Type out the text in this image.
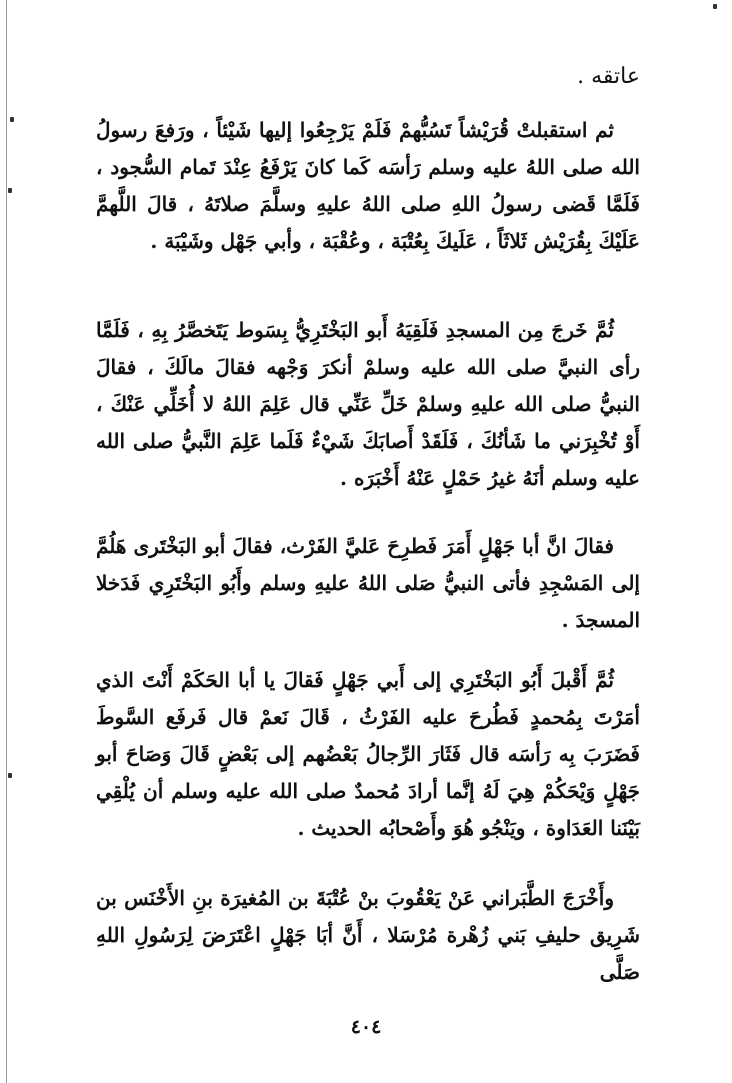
عاتقه .

ثم استقبلتْ قُرَيْشاً تَسُبُّهمْ فَلَمْ يَرْجِعُوا إليها شَيْئاً ، ورَفعَ رسولُ الله صلى اللهُ عليه وسلم رَأسَه كَما كانَ يَرْفَعُ عِنْدَ تَمام السُّجود ، فَلَمَّا قَضى رسولُ اللهِ صلى اللهُ عليهِ وسلَّمَ صلاتَهُ ، قالَ اللَّهمَّ عَلَيْكَ بِقُرَيْش ثَلاثَاً ، عَلَيكَ بِعُتْبَة ، وعُقْبَة ، وأبي جَهْل وشَيْبَة .

ثُمَّ خَرجَ مِن المسجدِ فَلَقِيَهُ أَبو البَخْتَرِيُّ بِسَوط يَتَخصَّرُ بِهِ ، فَلَمَّا رأى النبيَّ صلى الله عليه وسلمْ أنكرَ وَجْهه فقالَ مالَكَ ، فقالَ النبيُّ صلى الله عليهِ وسلمْ خَلِّ عَنِّي قال عَلِمَ اللهُ لا أُخَلِّي عَنْكَ ، أَوْ تُخْبِرَني ما شَأنُكَ ، فَلَقَدْ أَصابَكَ شَيْءٌ فَلَما عَلِمَ النَّبيُّ صلى الله عليه وسلم أنَهُ غيرُ حَمْلٍ عَنْهُ أَخْبَرَه .

فقالَ انَّ أبا جَهْلٍ أَمَرَ فَطرِحَ عَليَّ الفَرْث، فقالَ أبو البَخْتَرى هَلُمَّ إلى المَسْجِدِ فأتى النبيُّ صَلى اللهُ عليهِ وسلم وأَبُو البَخْتَرِي فَدَخلا المسجدَ .

ثُمَّ أَقْبلَ أَبُو البَخْتَرِي إلى أَبي جَهْلٍ فَقالَ يا أبا الحَكَمْ أَنْتَ الذي أمَرْتَ بِمُحمدٍ فَطُرحَ عليه الفَرْثُ ، قَالَ نَعمْ قال فَرفَع السَّوطَ فَضَرَبَ بِه رَأسَه قال فَثَارَ الرِّجالُ بَعْضُهم إلى بَعْضٍ قَالَ وَصَاحَ أبو جَهْلٍ وَيْحَكُمْ هِيَ لَهُ إنَّما أرادَ مُحمدٌ صلى الله عليه وسلم أن يُلْقِي بَيْنَنا العَدَاوة ، ويَنْجُو هُوَ وأَصْحابُه الحديث .

وأَخْرَجَ الطَّبَراني عَنْ يَعْقُوبَ بنْ عُتْبَةَ بن المُغيرَة بنِ الأَخْنَس بن شَرِيق حليفِ بَني زُهْرة مُرْسَلا ، أَنَّ أبَا جَهْلٍ اعْتَرَضَ لِرَسُولِ اللهِ صَلَّى

٤٠٤
